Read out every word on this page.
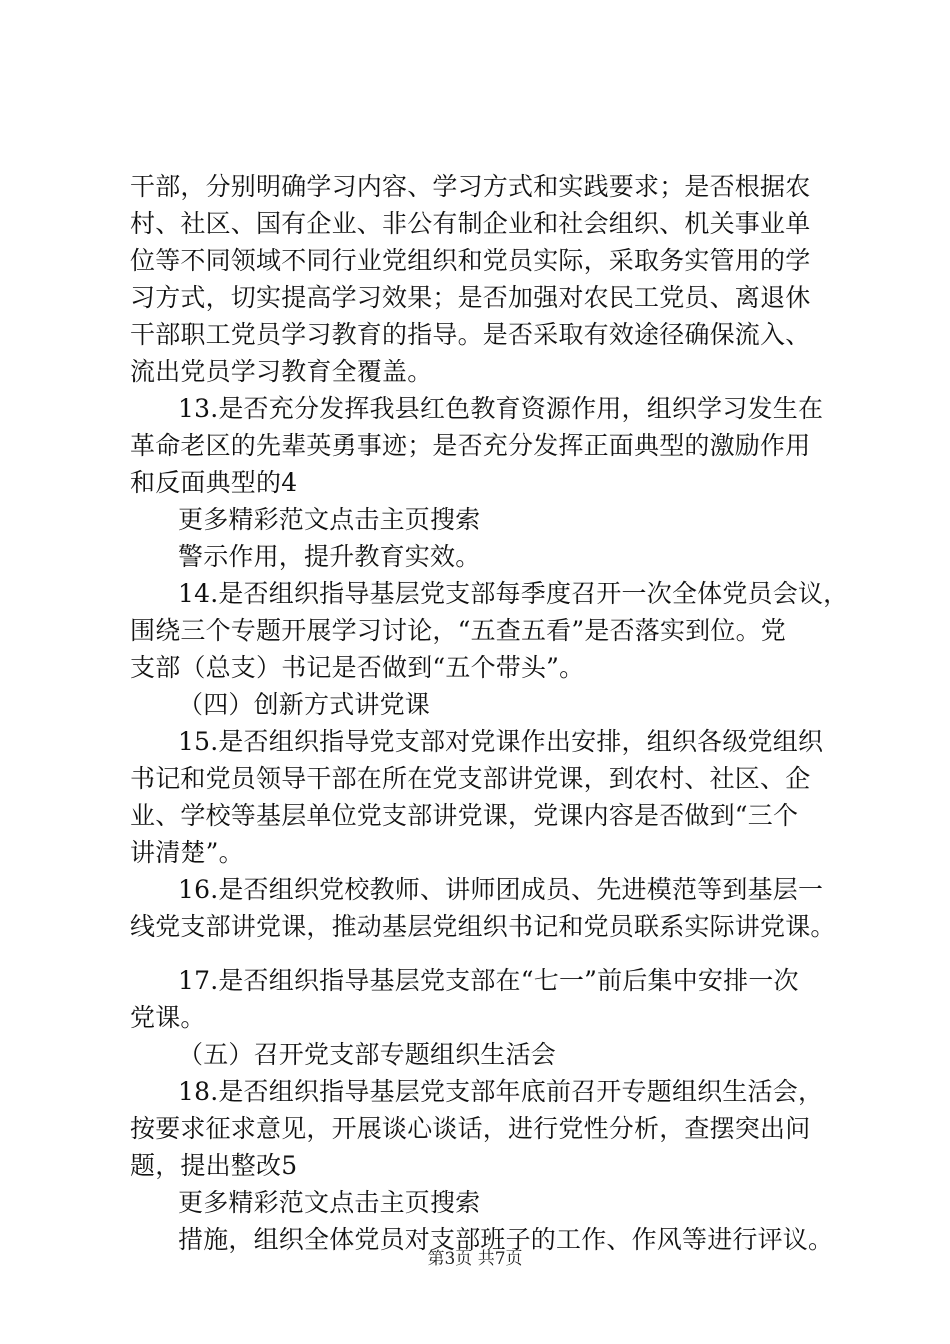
干部，分别明确学习内容、学习方式和实践要求；是否根据农
村、社区、国有企业、非公有制企业和社会组织、机关事业单
位等不同领域不同行业党组织和党员实际，采取务实管用的学
习方式，切实提高学习效果；是否加强对农民工党员、离退休
干部职工党员学习教育的指导。是否采取有效途径确保流入、
流出党员学习教育全覆盖。
13.是否充分发挥我县红色教育资源作用，组织学习发生在
革命老区的先辈英勇事迹；是否充分发挥正面典型的激励作用
和反面典型的4
更多精彩范文点击主页搜索
警示作用，提升教育实效。
14.是否组织指导基层党支部每季度召开一次全体党员会议，
围绕三个专题开展学习讨论，“五查五看”是否落实到位。党
支部（总支）书记是否做到“五个带头”。
（四）创新方式讲党课
15.是否组织指导党支部对党课作出安排，组织各级党组织
书记和党员领导干部在所在党支部讲党课，到农村、社区、企
业、学校等基层单位党支部讲党课，党课内容是否做到“三个
讲清楚”。
16.是否组织党校教师、讲师团成员、先进模范等到基层一
线党支部讲党课，推动基层党组织书记和党员联系实际讲党课。
17.是否组织指导基层党支部在“七一”前后集中安排一次
党课。
（五）召开党支部专题组织生活会
18.是否组织指导基层党支部年底前召开专题组织生活会，
按要求征求意见，开展谈心谈话，进行党性分析，查摆突出问
题，提出整改5
更多精彩范文点击主页搜索
措施，组织全体党员对支部班子的工作、作风等进行评议。
第3页 共7页
